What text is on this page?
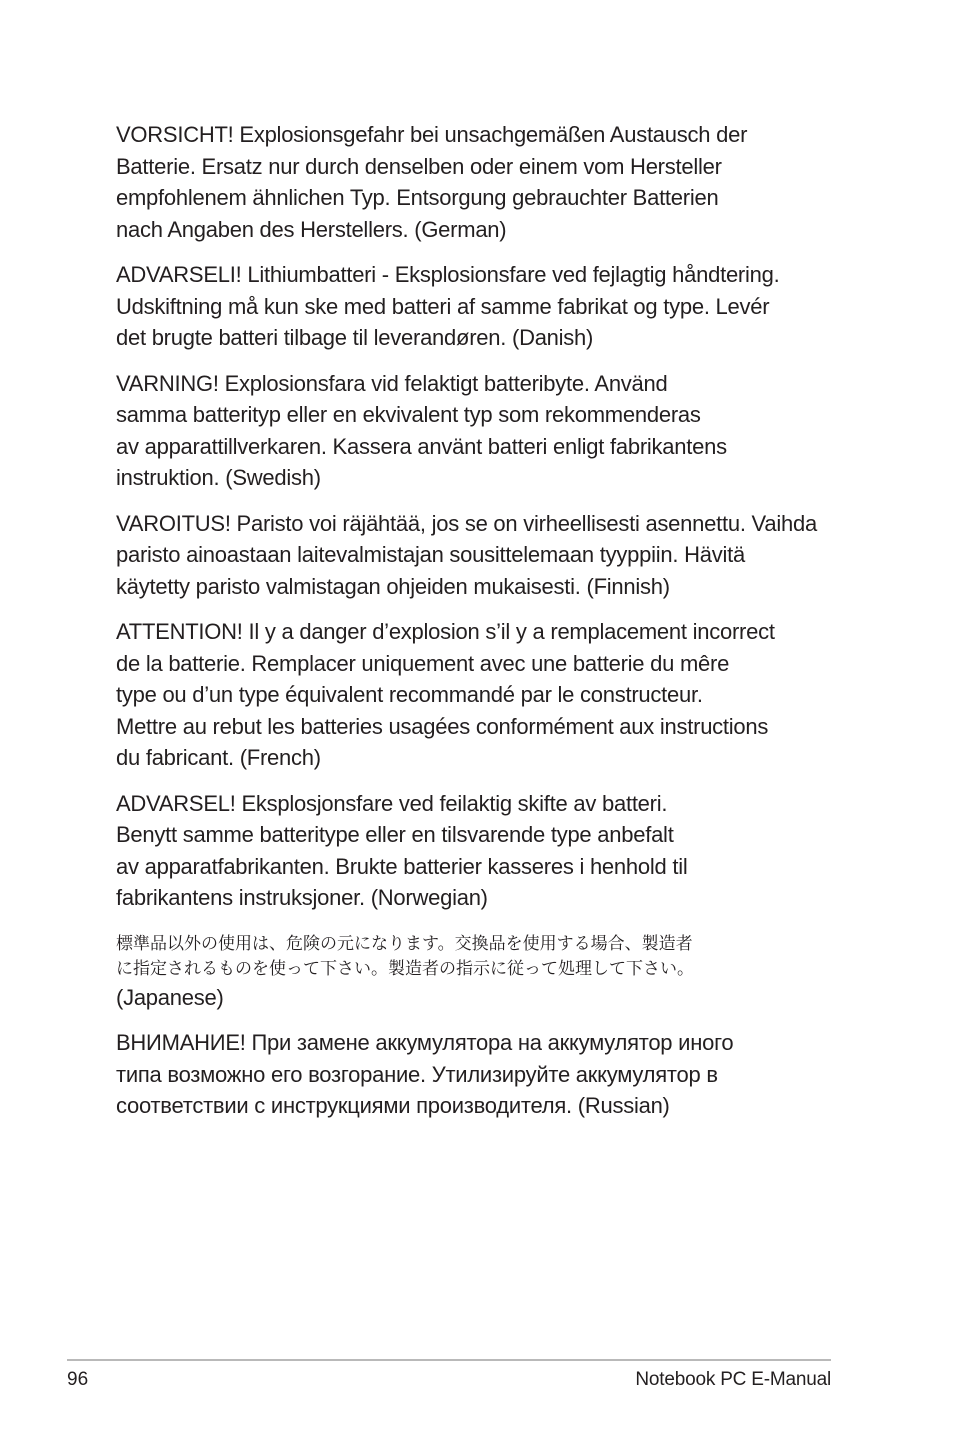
VORSICHT! Explosionsgefahr bei unsachgemäßen Austausch der
Batterie. Ersatz nur durch denselben oder einem vom Hersteller
empfohlenem ähnlichen Typ. Entsorgung gebrauchter Batterien
nach Angaben des Herstellers. (German)

ADVARSELI! Lithiumbatteri - Eksplosionsfare ved fejlagtig håndtering.
Udskiftning må kun ske med batteri af samme fabrikat og type. Levér
det brugte batteri tilbage til leverandøren. (Danish)

VARNING! Explosionsfara vid felaktigt batteribyte. Använd
samma batterityp eller en ekvivalent typ som rekommenderas
av apparattillverkaren. Kassera använt batteri enligt fabrikantens
instruktion. (Swedish)

VAROITUS! Paristo voi räjähtää, jos se on virheellisesti asennettu. Vaihda
paristo ainoastaan laitevalmistajan sousittelemaan tyyppiin. Hävitä
käytetty paristo valmistagan ohjeiden mukaisesti. (Finnish)

ATTENTION! Il y a danger d’explosion s’il y a remplacement incorrect
de la batterie. Remplacer uniquement avec une batterie du mêre
type ou d’un type équivalent recommandé par le constructeur.
Mettre au rebut les batteries usagées conformément aux instructions
du fabricant. (French)

ADVARSEL! Eksplosjonsfare ved feilaktig skifte av batteri.
Benytt samme batteritype eller en tilsvarende type anbefalt
av apparatfabrikanten. Brukte batterier kasseres i henhold til
fabrikantens instruksjoner. (Norwegian)

標準品以外の使用は、危険の元になります。交換品を使用する場合、製造者
に指定されるものを使って下さい。製造者の指示に従って処理して下さい。

(Japanese)

ВНИМАНИЕ! При замене аккумулятора на аккумулятор иного
типа возможно его возгорание. Утилизируйте аккумулятор в
соответствии с инструкциями производителя. (Russian)

96	Notebook PC E-Manual
